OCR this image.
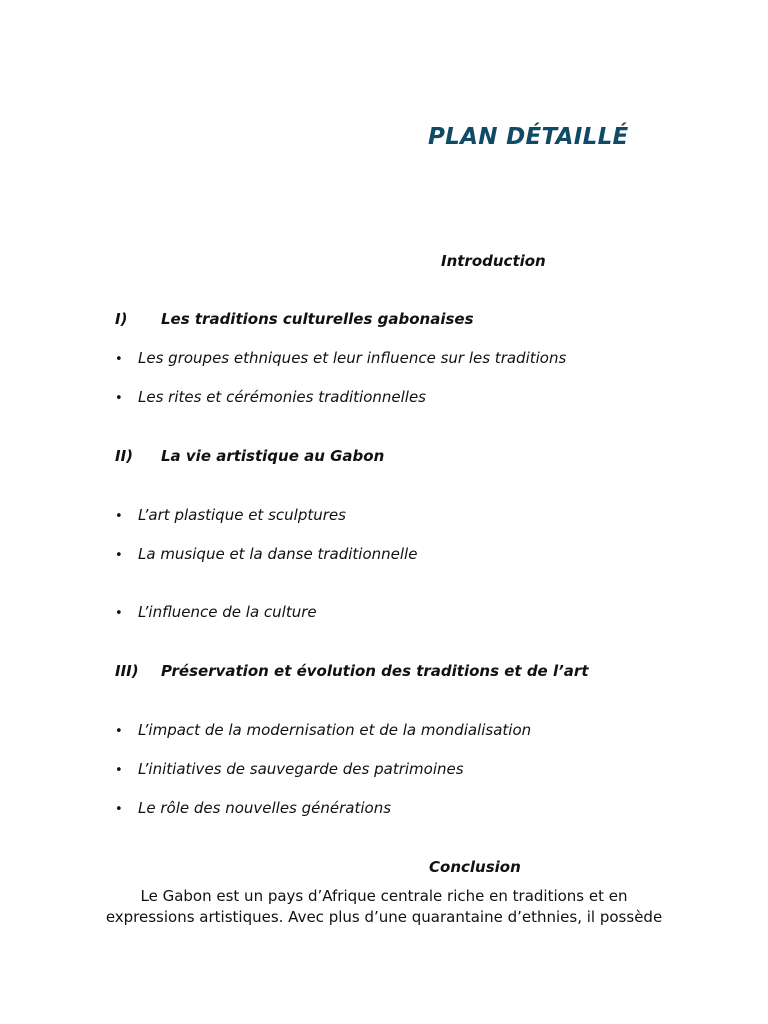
PLAN DÉTAILLÉ
Introduction
I) Les traditions culturelles gabonaises
• Les groupes ethniques et leur influence sur les traditions
• Les rites et cérémonies traditionnelles
II) La vie artistique au Gabon
• L’art plastique et sculptures
• La musique et la danse traditionnelle
• L’influence de la culture
III) Préservation et évolution des traditions et de l’art
• L’impact de la modernisation et de la mondialisation
• L’initiatives de sauvegarde des patrimoines
• Le rôle des nouvelles générations
Conclusion
Le Gabon est un pays d’Afrique centrale riche en traditions et en
expressions artistiques. Avec plus d’une quarantaine d’ethnies, il possède
